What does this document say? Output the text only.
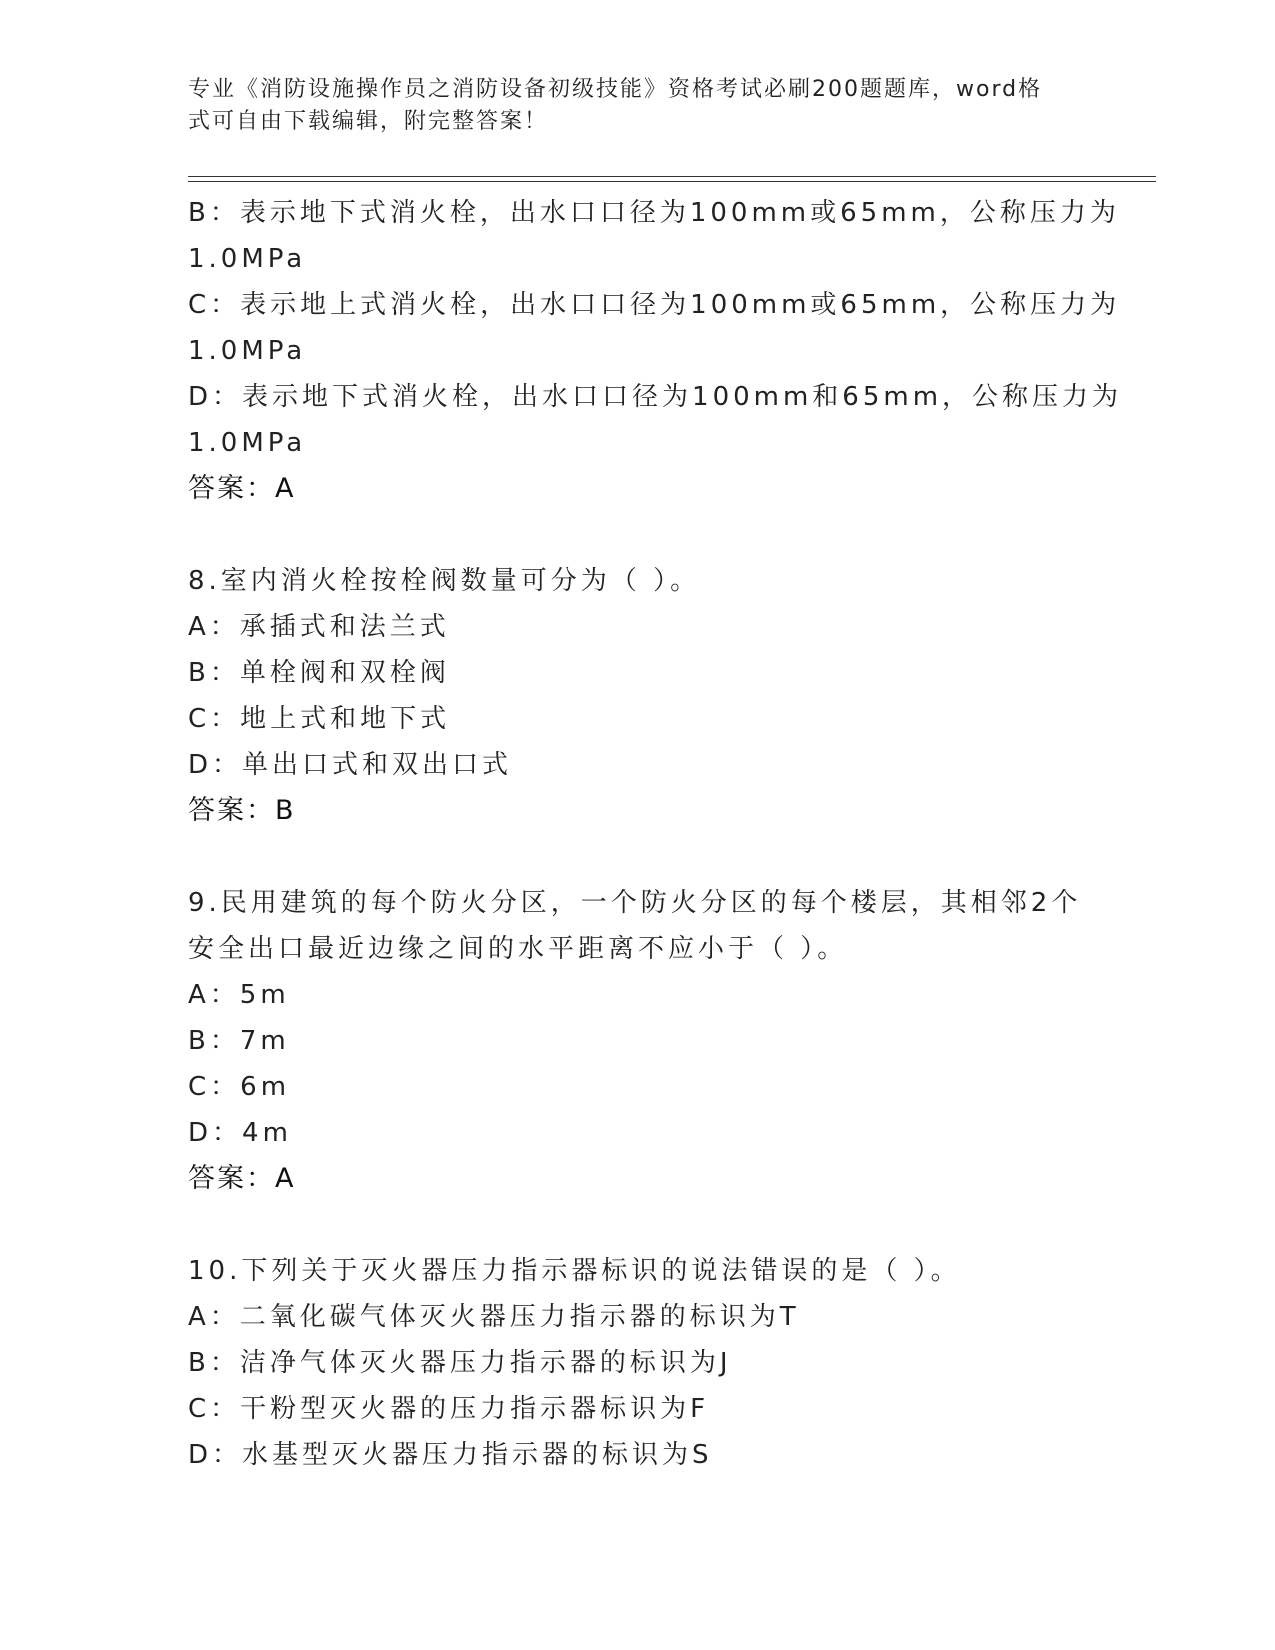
专业《消防设施操作员之消防设备初级技能》资格考试必刷200题题库，word格
式可自由下载编辑，附完整答案！
B：表示地下式消火栓，出水口口径为100mm或65mm，公称压力为
1.0MPa
C：表示地上式消火栓，出水口口径为100mm或65mm，公称压力为
1.0MPa
D：表示地下式消火栓，出水口口径为100mm和65mm，公称压力为
1.0MPa
答案：A
8.室内消火栓按栓阀数量可分为（ ）。
A：承插式和法兰式
B：单栓阀和双栓阀
C：地上式和地下式
D：单出口式和双出口式
答案：B
9.民用建筑的每个防火分区，一个防火分区的每个楼层，其相邻2个
安全出口最近边缘之间的水平距离不应小于（ ）。
A：5m
B：7m
C：6m
D：4m
答案：A
10.下列关于灭火器压力指示器标识的说法错误的是（ ）。
A：二氧化碳气体灭火器压力指示器的标识为T
B：洁净气体灭火器压力指示器的标识为J
C：干粉型灭火器的压力指示器标识为F
D：水基型灭火器压力指示器的标识为S
